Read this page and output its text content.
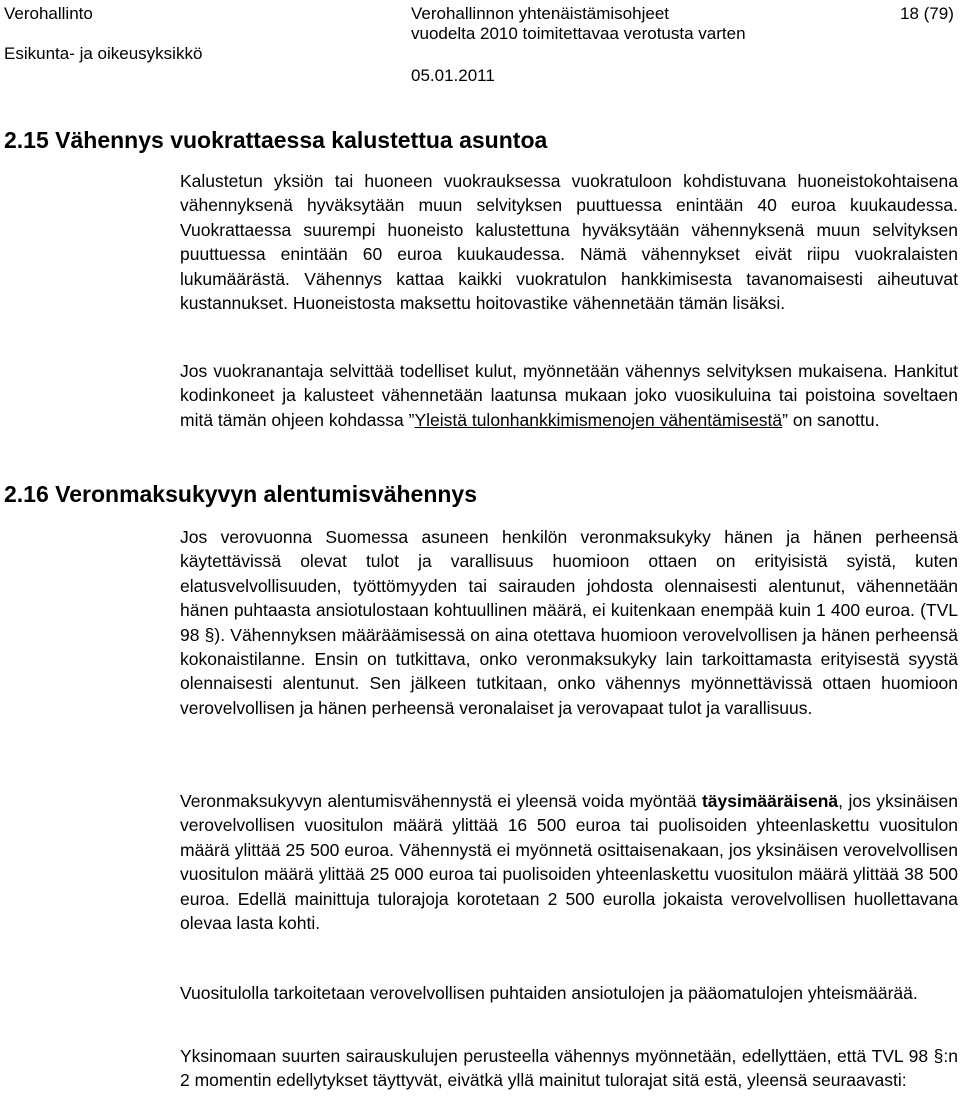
Verohallinto
Esikunta- ja oikeusyksikkö
Verohallinnon yhtenäistämisohjeet
vuodelta 2010 toimitettavaa verotusta varten
05.01.2011
18 (79)
2.15 Vähennys vuokrattaessa kalustettua asuntoa

Kalustetun yksiön tai huoneen vuokrauksessa vuokratuloon kohdistuvana huoneistokohtaisena vähennyksenä hyväksytään muun selvityksen puuttuessa enintään 40 euroa kuukaudessa. Vuokrattaessa suurempi huoneisto kalustettuna hyväksytään vähennyksenä muun selvityksen puuttuessa enintään 60 euroa kuukaudessa. Nämä vähennykset eivät riipu vuokralaisten lukumäärästä. Vähennys kattaa kaikki vuokratulon hankkimisesta tavanomaisesti aiheutuvat kustannukset. Huoneistosta maksettu hoitovastike vähennetään tämän lisäksi.

Jos vuokranantaja selvittää todelliset kulut, myönnetään vähennys selvityksen mukaisena. Hankitut kodinkoneet ja kalusteet vähennetään laatunsa mukaan joko vuosikuluina tai poistoina soveltaen mitä tämän ohjeen kohdassa ”Yleistä tulonhankkimismenojen vähentämisestä” on sanottu.

2.16 Veronmaksukyvyn alentumisvähennys

Jos verovuonna Suomessa asuneen henkilön veronmaksukyky hänen ja hänen perheensä käytettävissä olevat tulot ja varallisuus huomioon ottaen on erityisistä syistä, kuten elatusvelvollisuuden, työttömyyden tai sairauden johdosta olennaisesti alentunut, vähennetään hänen puhtaasta ansiotulostaan kohtuullinen määrä, ei kuitenkaan enempää kuin 1 400 euroa. (TVL 98 §). Vähennyksen määräämisessä on aina otettava huomioon verovelvollisen ja hänen perheensä kokonaistilanne. Ensin on tutkittava, onko veronmaksukyky lain tarkoittamasta erityisestä syystä olennaisesti alentunut. Sen jälkeen tutkitaan, onko vähennys myönnettävissä ottaen huomioon verovelvollisen ja hänen perheensä veronalaiset ja verovapaat tulot ja varallisuus.

Veronmaksukyvyn alentumisvähennystä ei yleensä voida myöntää täysimääräisenä, jos yksinäisen verovelvollisen vuositulon määrä ylittää 16 500 euroa tai puolisoiden yhteenlaskettu vuositulon määrä ylittää 25 500 euroa. Vähennystä ei myönnetä osittaisenakaan, jos yksinäisen verovelvollisen vuositulon määrä ylittää 25 000 euroa tai puolisoiden yhteenlaskettu vuositulon määrä ylittää 38 500 euroa. Edellä mainittuja tulorajoja korotetaan 2 500 eurolla jokaista verovelvollisen huollettavana olevaa lasta kohti.

Vuositulolla tarkoitetaan verovelvollisen puhtaiden ansiotulojen ja pääomatulojen yhteismäärää.

Yksinomaan suurten sairauskulujen perusteella vähennys myönnetään, edellyttäen, että TVL 98 §:n 2 momentin edellytykset täyttyvät, eivätkä yllä mainitut tulorajat sitä estä, yleensä seuraavasti:
